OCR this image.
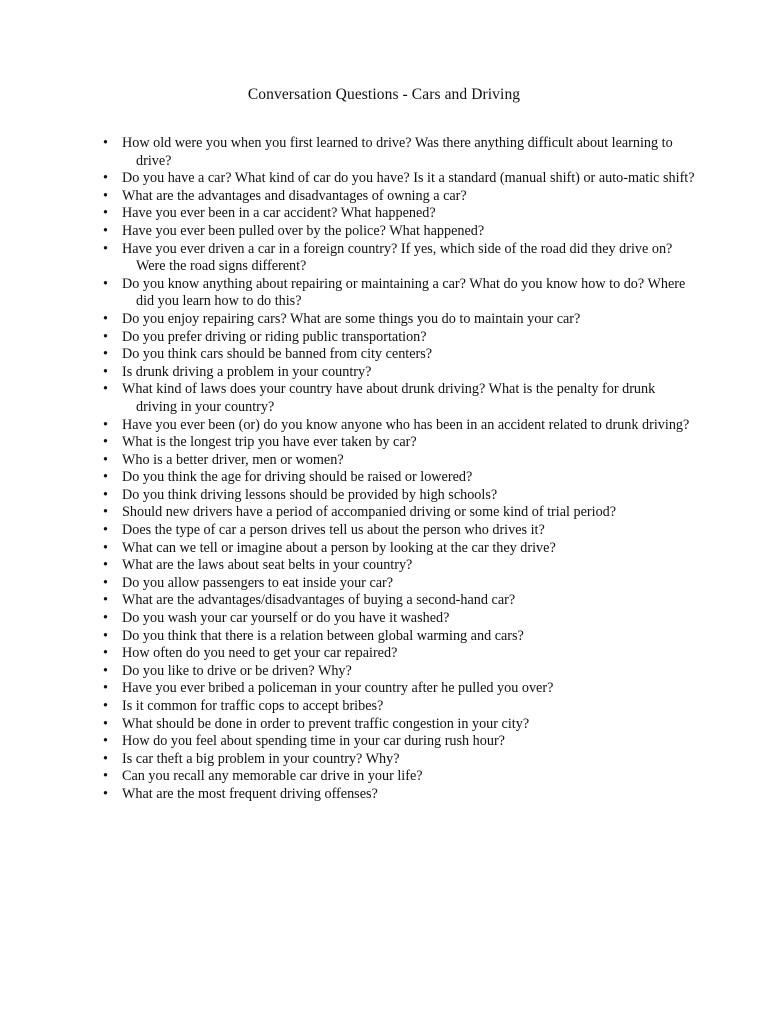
Conversation Questions - Cars and Driving
• How old were you when you first learned to drive? Was there anything difficult about learning to drive?
• Do you have a car? What kind of car do you have? Is it a standard (manual shift) or auto-matic shift?
• What are the advantages and disadvantages of owning a car?
• Have you ever been in a car accident? What happened?
• Have you ever been pulled over by the police? What happened?
• Have you ever driven a car in a foreign country? If yes, which side of the road did they drive on? Were the road signs different?
• Do you know anything about repairing or maintaining a car? What do you know how to do? Where did you learn how to do this?
• Do you enjoy repairing cars? What are some things you do to maintain your car?
• Do you prefer driving or riding public transportation?
• Do you think cars should be banned from city centers?
• Is drunk driving a problem in your country?
• What kind of laws does your country have about drunk driving? What is the penalty for drunk driving in your country?
• Have you ever been (or) do you know anyone who has been in an accident related to drunk driving?
• What is the longest trip you have ever taken by car?
• Who is a better driver, men or women?
• Do you think the age for driving should be raised or lowered?
• Do you think driving lessons should be provided by high schools?
• Should new drivers have a period of accompanied driving or some kind of trial period?
• Does the type of car a person drives tell us about the person who drives it?
• What can we tell or imagine about a person by looking at the car they drive?
• What are the laws about seat belts in your country?
• Do you allow passengers to eat inside your car?
• What are the advantages/disadvantages of buying a second-hand car?
• Do you wash your car yourself or do you have it washed?
• Do you think that there is a relation between global warming and cars?
• How often do you need to get your car repaired?
• Do you like to drive or be driven? Why?
• Have you ever bribed a policeman in your country after he pulled you over?
• Is it common for traffic cops to accept bribes?
• What should be done in order to prevent traffic congestion in your city?
• How do you feel about spending time in your car during rush hour?
• Is car theft a big problem in your country? Why?
• Can you recall any memorable car drive in your life?
• What are the most frequent driving offenses?
